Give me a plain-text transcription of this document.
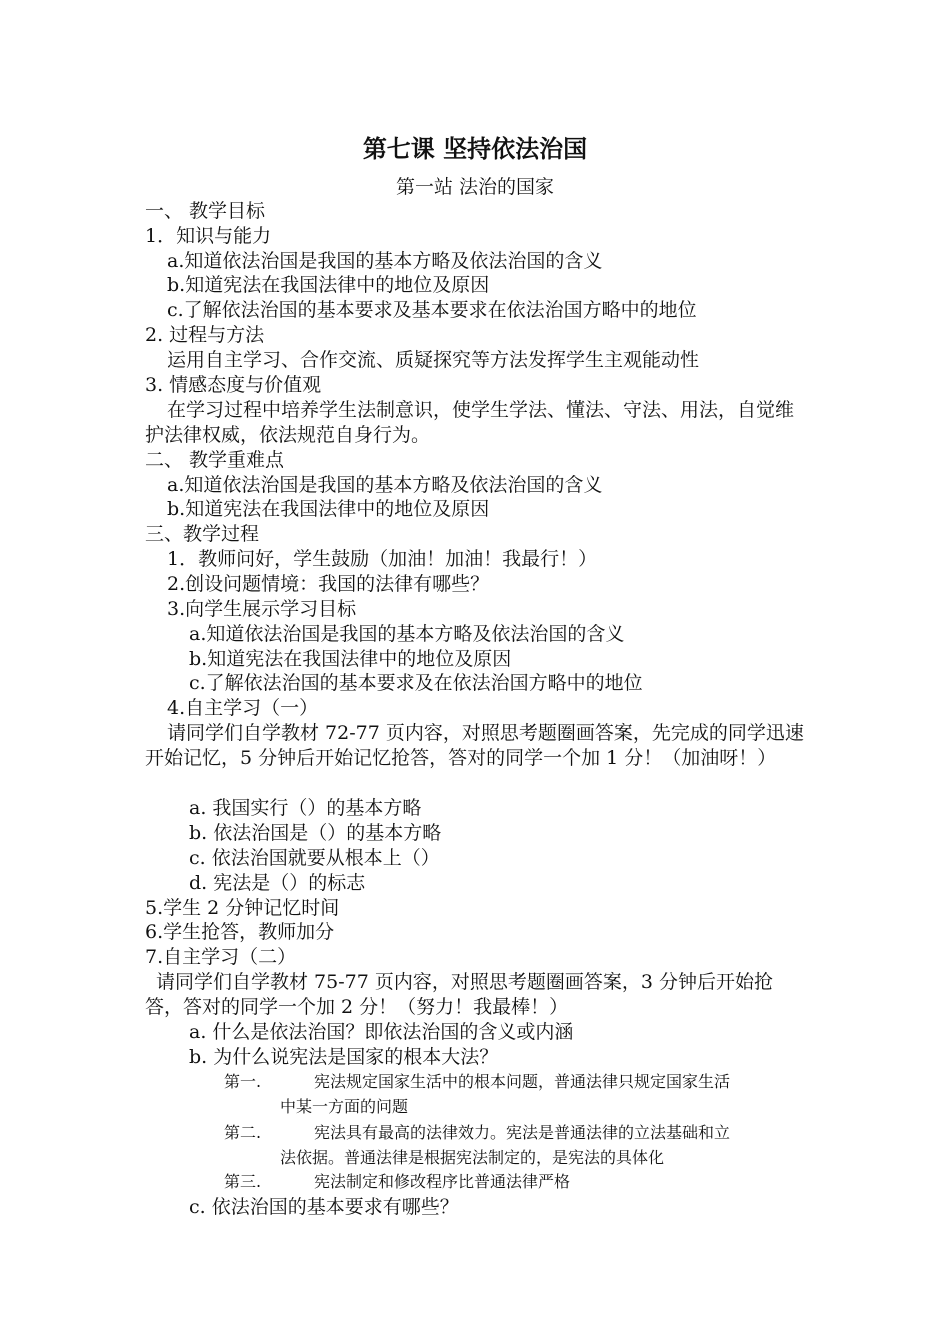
第七课 坚持依法治国
第一站 法治的国家
一、 教学目标
1．知识与能力
a.知道依法治国是我国的基本方略及依法治国的含义
b.知道宪法在我国法律中的地位及原因
c.了解依法治国的基本要求及基本要求在依法治国方略中的地位
2. 过程与方法
运用自主学习、合作交流、质疑探究等方法发挥学生主观能动性
3. 情感态度与价值观
在学习过程中培养学生法制意识，使学生学法、懂法、守法、用法，自觉维护法律权威，依法规范自身行为。
二、 教学重难点
a.知道依法治国是我国的基本方略及依法治国的含义
b.知道宪法在我国法律中的地位及原因
三、教学过程
1．教师问好，学生鼓励（加油！加油！我最行！）
2.创设问题情境：我国的法律有哪些？
3.向学生展示学习目标
a.知道依法治国是我国的基本方略及依法治国的含义
b.知道宪法在我国法律中的地位及原因
c.了解依法治国的基本要求及在依法治国方略中的地位
4.自主学习（一）
请同学们自学教材 72-77 页内容，对照思考题圈画答案，先完成的同学迅速开始记忆，5 分钟后开始记忆抢答，答对的同学一个加 1 分！（加油呀！）
a. 我国实行（）的基本方略
b. 依法治国是（）的基本方略
c. 依法治国就要从根本上（）
d. 宪法是（）的标志
5.学生 2 分钟记忆时间
6.学生抢答，教师加分
7.自主学习（二）
请同学们自学教材 75-77 页内容，对照思考题圈画答案，3 分钟后开始抢答，答对的同学一个加 2 分！（努力！我最棒！）
a. 什么是依法治国？即依法治国的含义或内涵
b. 为什么说宪法是国家的根本大法？
第一.	宪法规定国家生活中的根本问题，普通法律只规定国家生活
中某一方面的问题
第二.	宪法具有最高的法律效力。宪法是普通法律的立法基础和立
法依据。普通法律是根据宪法制定的，是宪法的具体化
第三.	宪法制定和修改程序比普通法律严格
c. 依法治国的基本要求有哪些？
